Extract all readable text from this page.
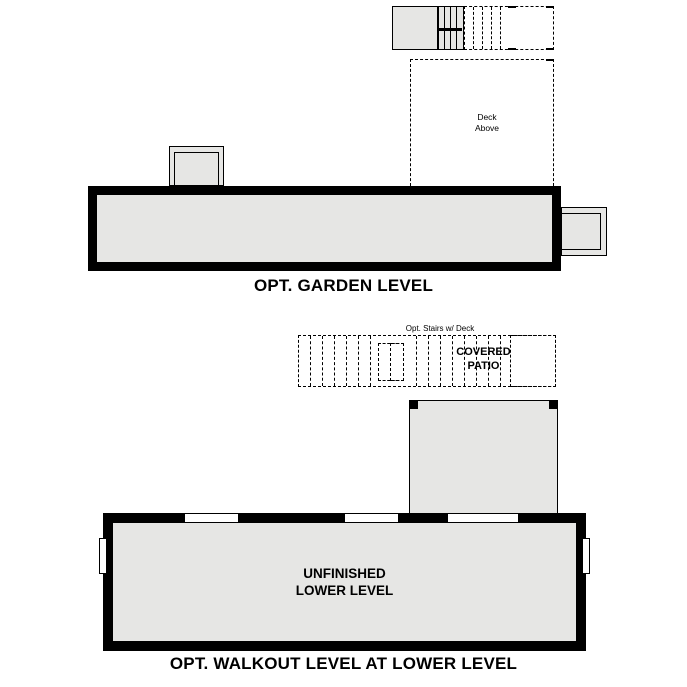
Deck
Above
OPT. GARDEN LEVEL
Opt. Stairs w/ Deck
COVERED
PATIO
UNFINISHED
LOWER LEVEL
OPT. WALKOUT LEVEL AT LOWER LEVEL
